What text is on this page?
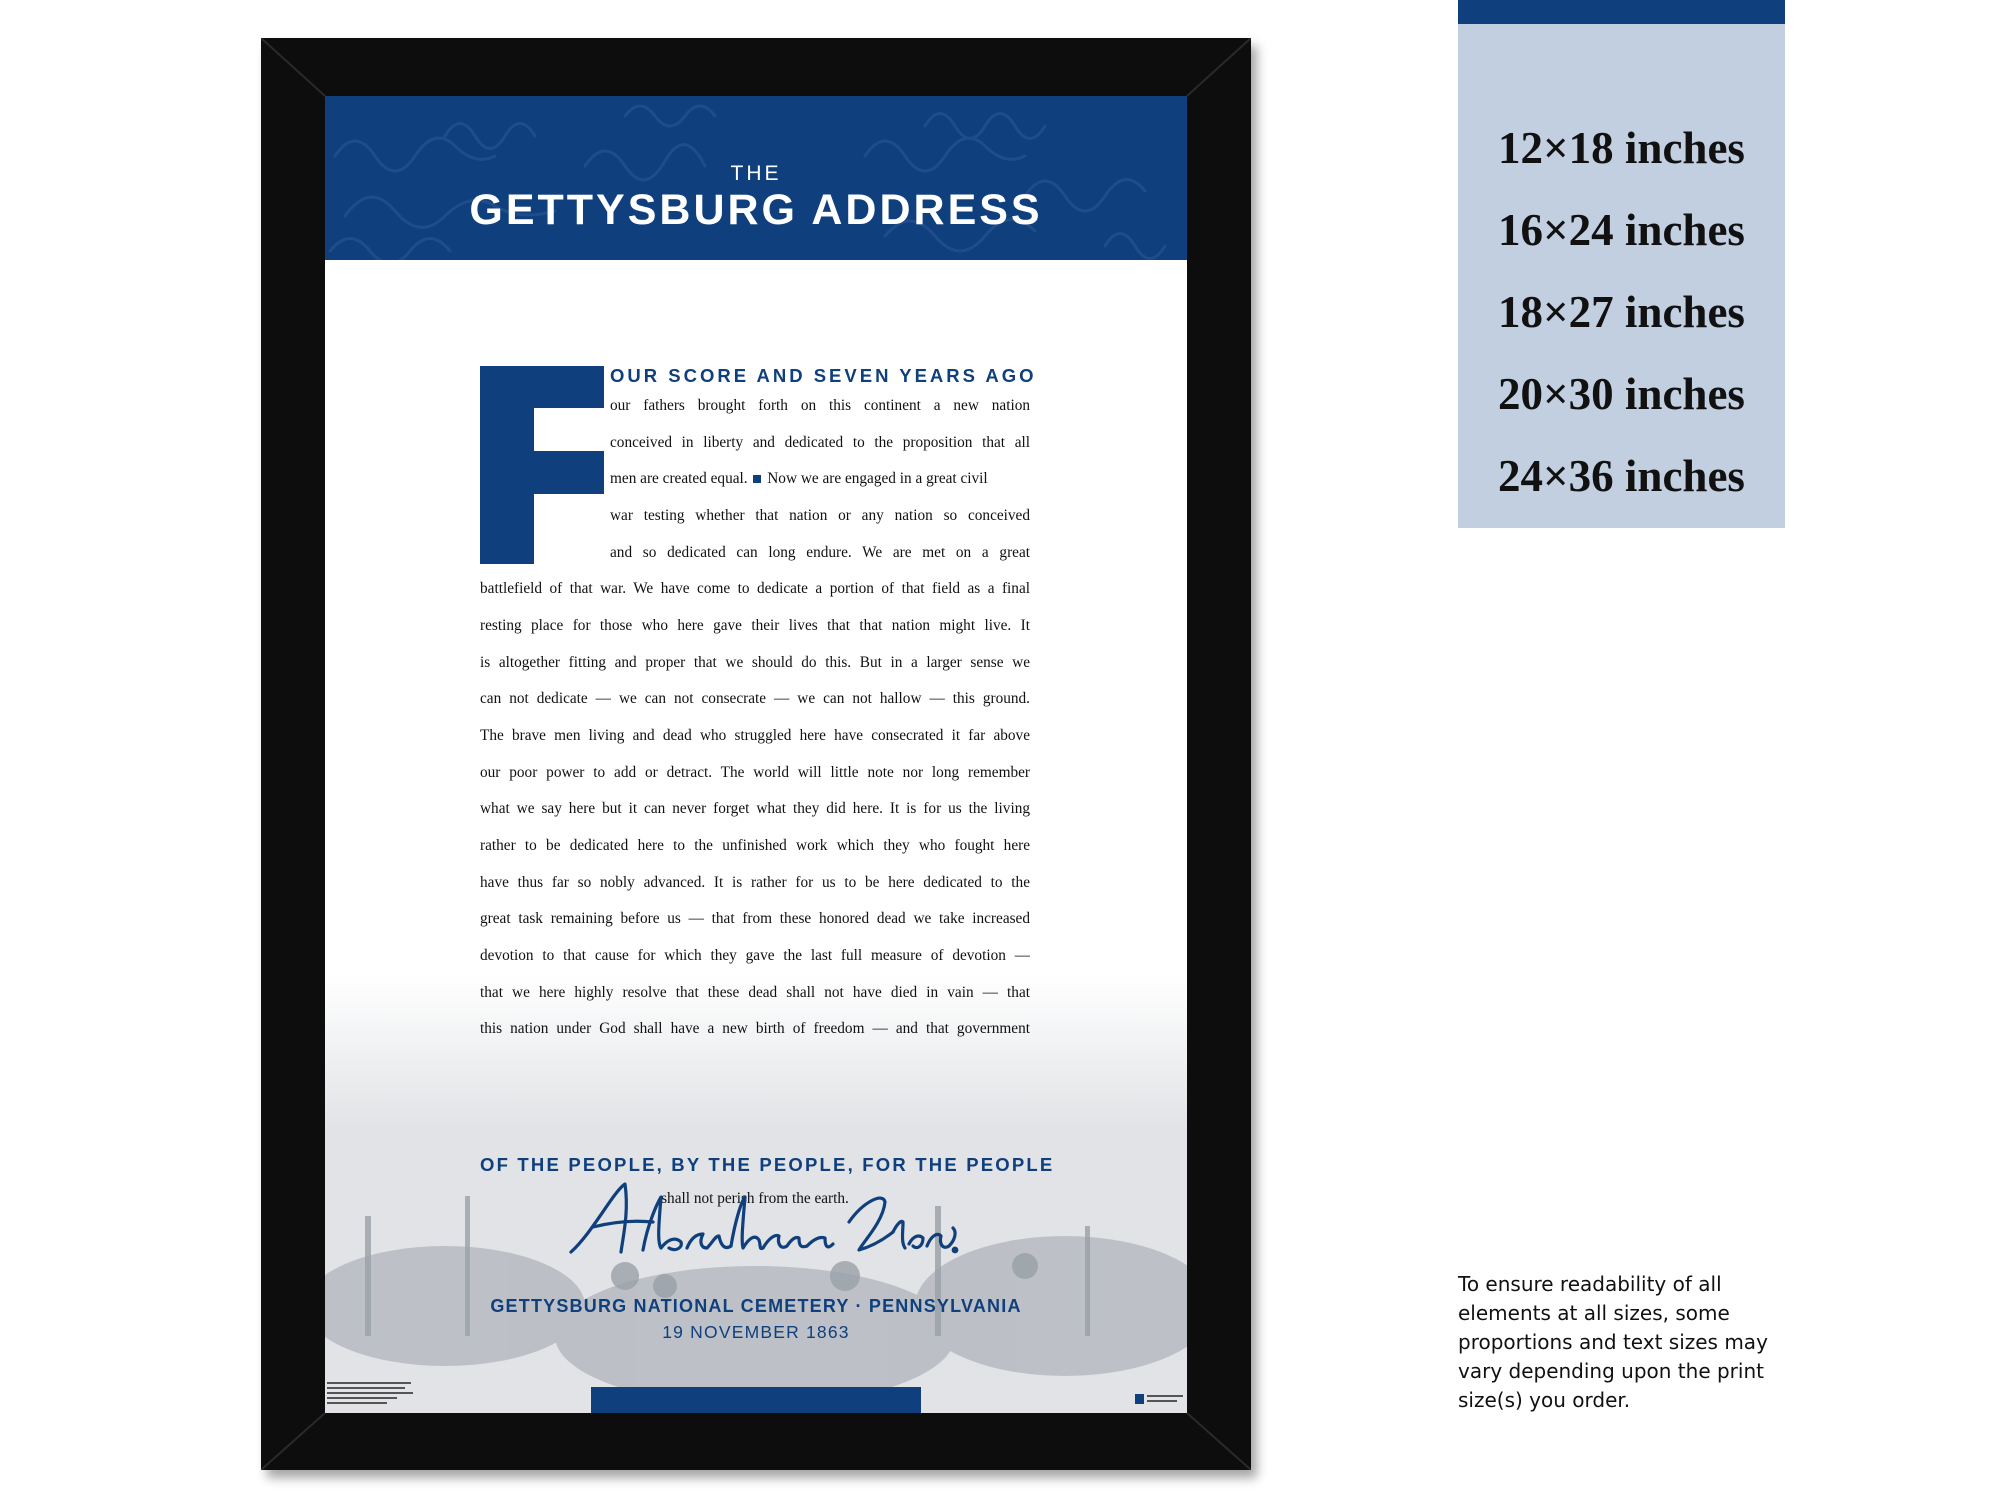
THE
GETTYSBURG ADDRESS
OUR SCORE AND SEVEN YEARS AGO
our fathers brought forth on this continent a new nation
conceived in liberty and dedicated to the proposition that all
men are created equal. Now we are engaged in a great civil
war testing whether that nation or any nation so conceived
and so dedicated can long endure. We are met on a great
battlefield of that war. We have come to dedicate a portion of that field as a final
resting place for those who here gave their lives that that nation might live. It
is altogether fitting and proper that we should do this. But in a larger sense we
can not dedicate — we can not consecrate — we can not hallow — this ground.
The brave men living and dead who struggled here have consecrated it far above
our poor power to add or detract. The world will little note nor long remember
what we say here but it can never forget what they did here. It is for us the living
rather to be dedicated here to the unfinished work which they who fought here
have thus far so nobly advanced. It is rather for us to be here dedicated to the
great task remaining before us — that from these honored dead we take increased
devotion to that cause for which they gave the last full measure of devotion —
that we here highly resolve that these dead shall not have died in vain — that
this nation under God shall have a new birth of freedom — and that government
OF THE PEOPLE, BY THE PEOPLE, FOR THE PEOPLE
shall not perish from the earth.
GETTYSBURG NATIONAL CEMETERY · PENNSYLVANIA
19 NOVEMBER 1863
12×18 inches
16×24 inches
18×27 inches
20×30 inches
24×36 inches
To ensure readability of all elements at all sizes, some proportions and text sizes may vary depending upon the print size(s) you order.
